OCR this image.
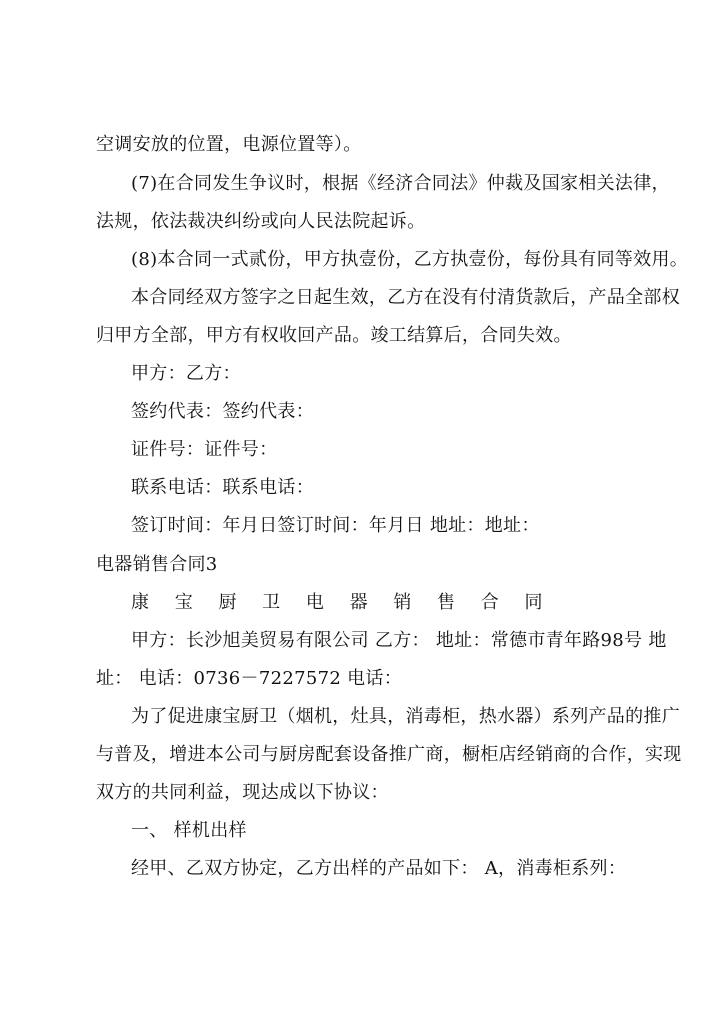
空调安放的位置，电源位置等）。
(7)在合同发生争议时，根据《经济合同法》仲裁及国家相关法律，
法规，依法裁决纠纷或向人民法院起诉。
(8)本合同一式贰份，甲方执壹份，乙方执壹份，每份具有同等效用。
本合同经双方签字之日起生效，乙方在没有付清货款后，产品全部权
归甲方全部，甲方有权收回产品。竣工结算后，合同失效。
甲方：乙方：
签约代表：签约代表：
证件号：证件号：
联系电话：联系电话：
签订时间：年月日签订时间：年月日 地址：地址：
电器销售合同3
康 宝 厨 卫 电 器 销 售 合 同
甲方：长沙旭美贸易有限公司 乙方： 地址：常德市青年路98号 地
址： 电话：0736－7227572 电话：
为了促进康宝厨卫（烟机，灶具，消毒柜，热水器）系列产品的推广
与普及，增进本公司与厨房配套设备推广商，橱柜店经销商的合作，实现
双方的共同利益，现达成以下协议：
一、 样机出样
经甲、乙双方协定，乙方出样的产品如下： A，消毒柜系列：
